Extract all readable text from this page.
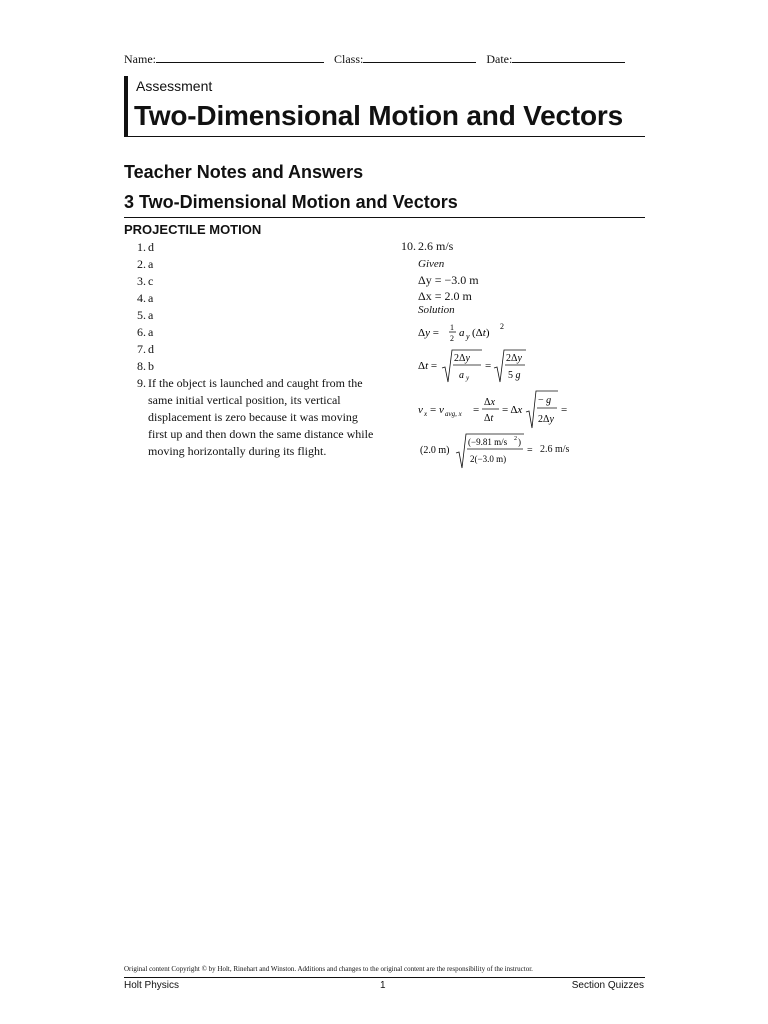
Name:	Class:	Date:
Assessment
Two-Dimensional Motion and Vectors
Teacher Notes and Answers
3 Two-Dimensional Motion and Vectors
PROJECTILE MOTION
1. d
2. a
3. c
4. a
5. a
6. a
7. d
8. b
9. If the object is launched and caught from the same initial vertical position, its vertical displacement is zero because it was moving first up and then down the same distance while moving horizontally during its flight.
10. 2.6 m/s
Given
Δy = −3.0 m
Δx = 2.0 m
Solution
Δy = 1
2 a y (Δt)
2
Δt =
2Δy
a y
=
2Δy
5 g
v x = v avg, x =
Δx
Δt
= Δx
− g
2Δy
=
(2.0 m)
(−9.81 m/s 2 )
2(−3.0 m)
= 2.6 m/s
Original content Copyright © by Holt, Rinehart and Winston. Additions and changes to the original content are the responsibility of the instructor.
Holt Physics	1	Section Quizzes
